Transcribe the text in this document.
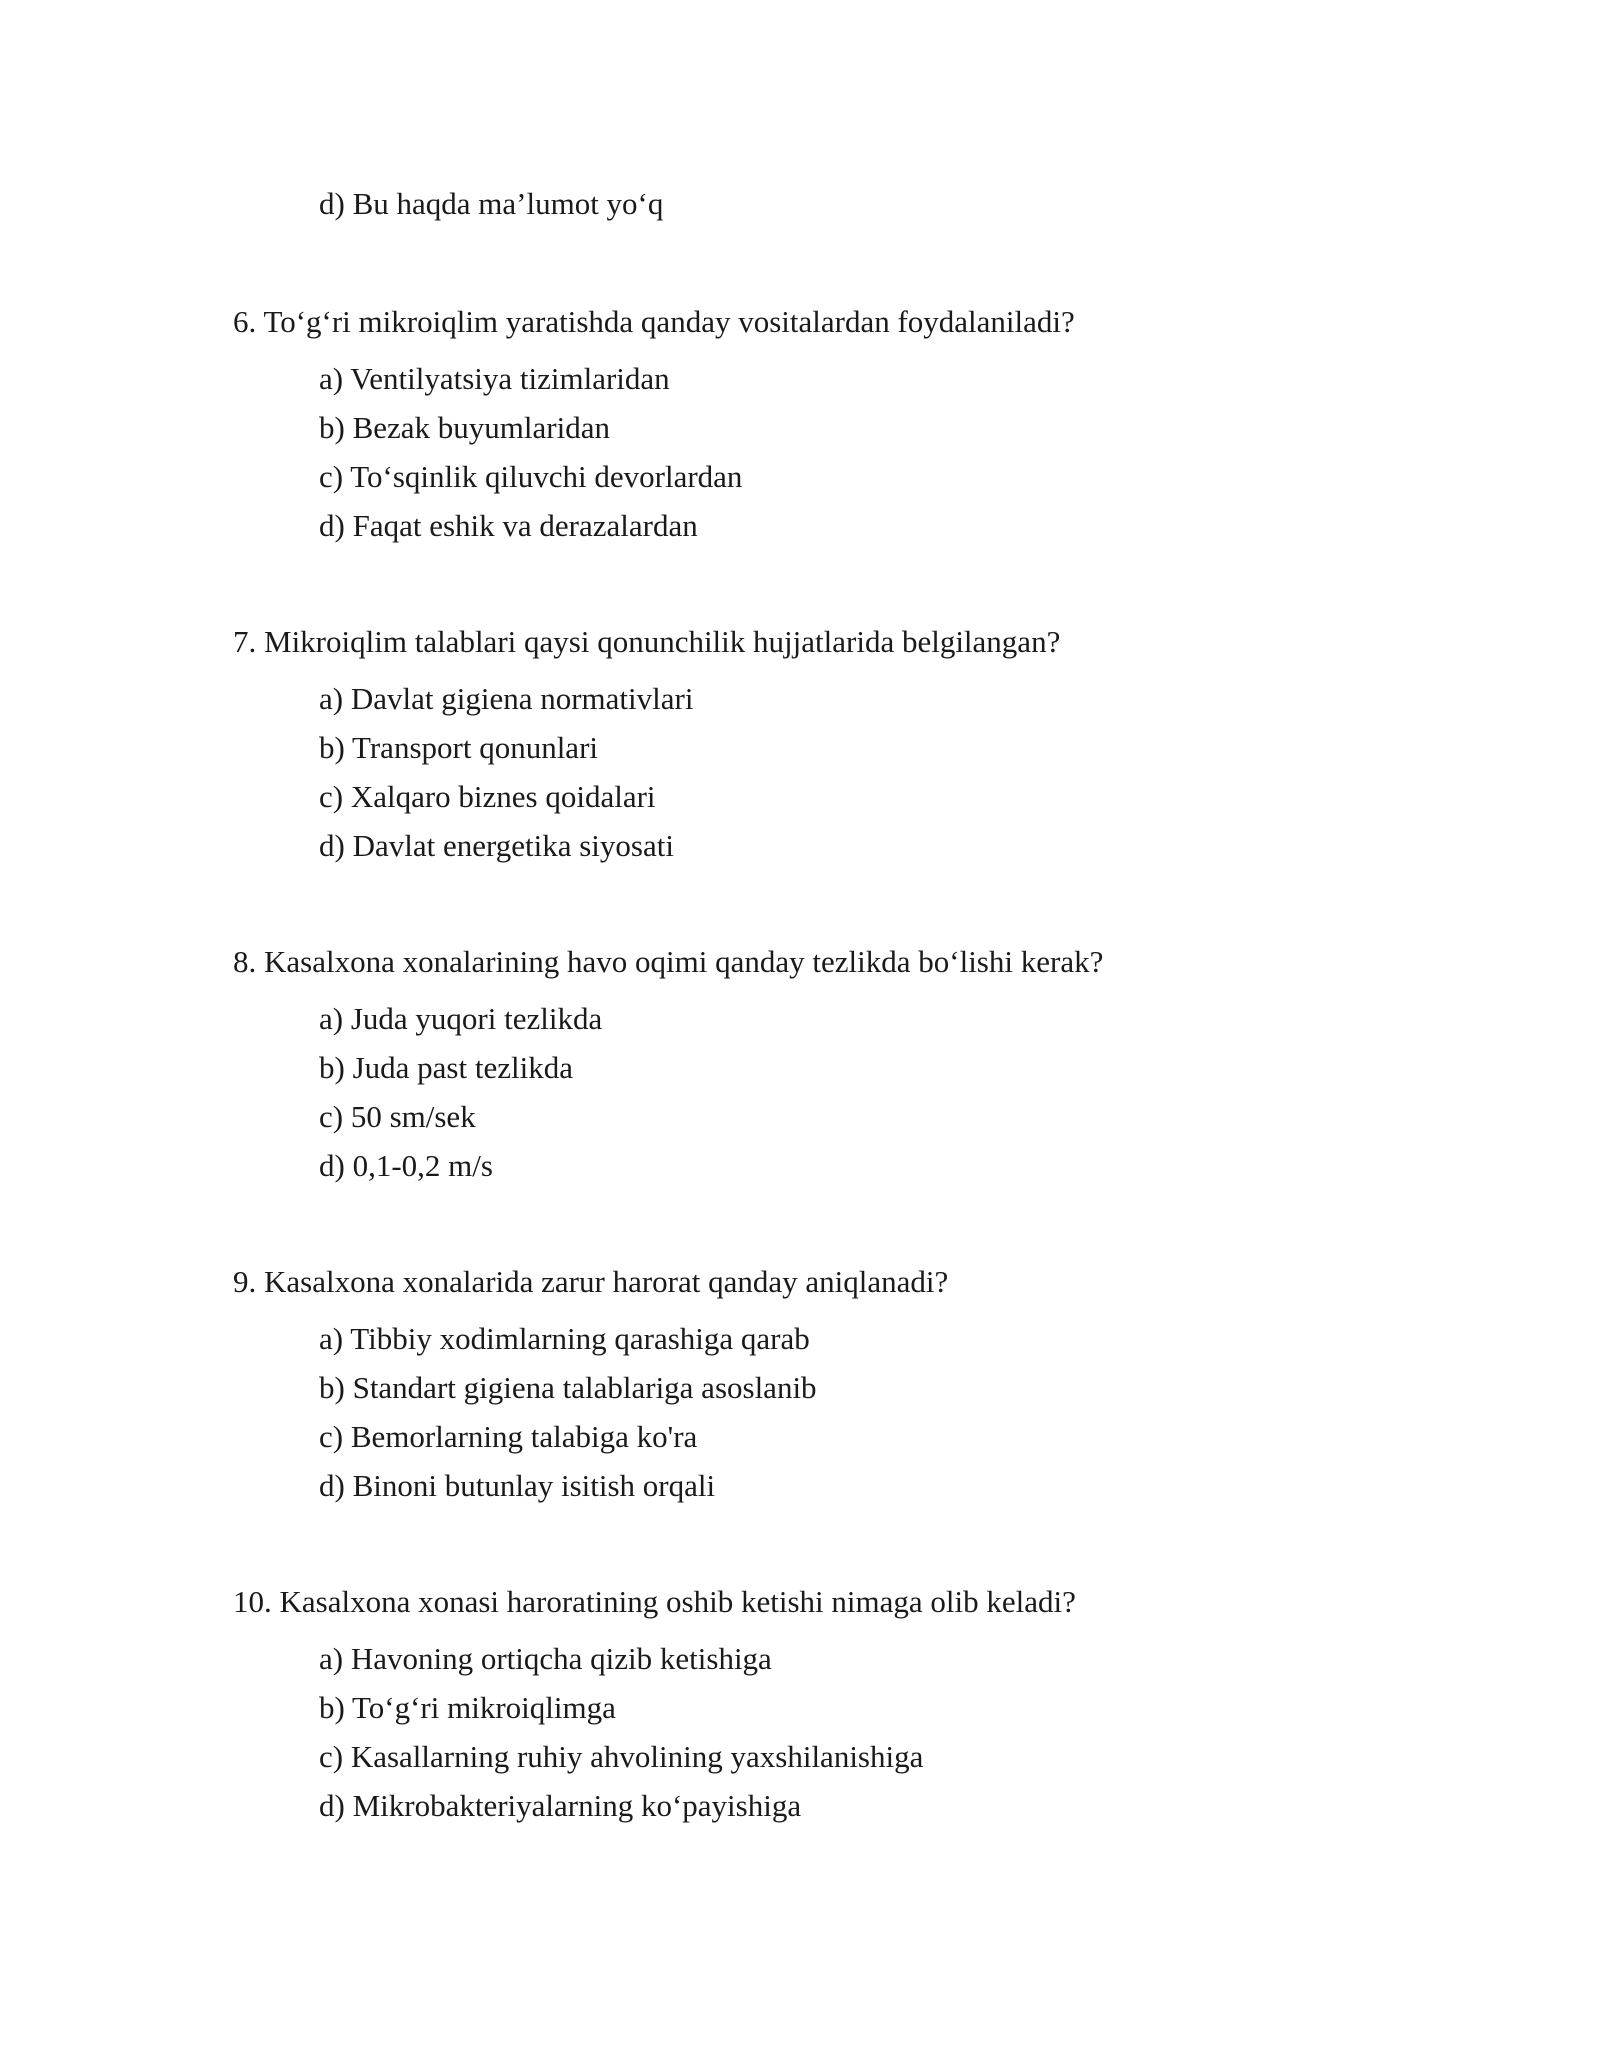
d) Bu haqda ma’lumot yo‘q
6. To‘g‘ri mikroiqlim yaratishda qanday vositalardan foydalaniladi?
a) Ventilyatsiya tizimlaridan
b) Bezak buyumlaridan
c) To‘sqinlik qiluvchi devorlardan
d) Faqat eshik va derazalardan
7. Mikroiqlim talablari qaysi qonunchilik hujjatlarida belgilangan?
a) Davlat gigiena normativlari
b) Transport qonunlari
c) Xalqaro biznes qoidalari
d) Davlat energetika siyosati
8. Kasalxona xonalarining havo oqimi qanday tezlikda bo‘lishi kerak?
a) Juda yuqori tezlikda
b) Juda past tezlikda
c) 50 sm/sek
d) 0,1-0,2 m/s
9. Kasalxona xonalarida zarur harorat qanday aniqlanadi?
a) Tibbiy xodimlarning qarashiga qarab
b) Standart gigiena talablariga asoslanib
c) Bemorlarning talabiga ko'ra
d) Binoni butunlay isitish orqali
10. Kasalxona xonasi haroratining oshib ketishi nimaga olib keladi?
a) Havoning ortiqcha qizib ketishiga
b) To‘g‘ri mikroiqlimga
c) Kasallarning ruhiy ahvolining yaxshilanishiga
d) Mikrobakteriyalarning ko‘payishiga
